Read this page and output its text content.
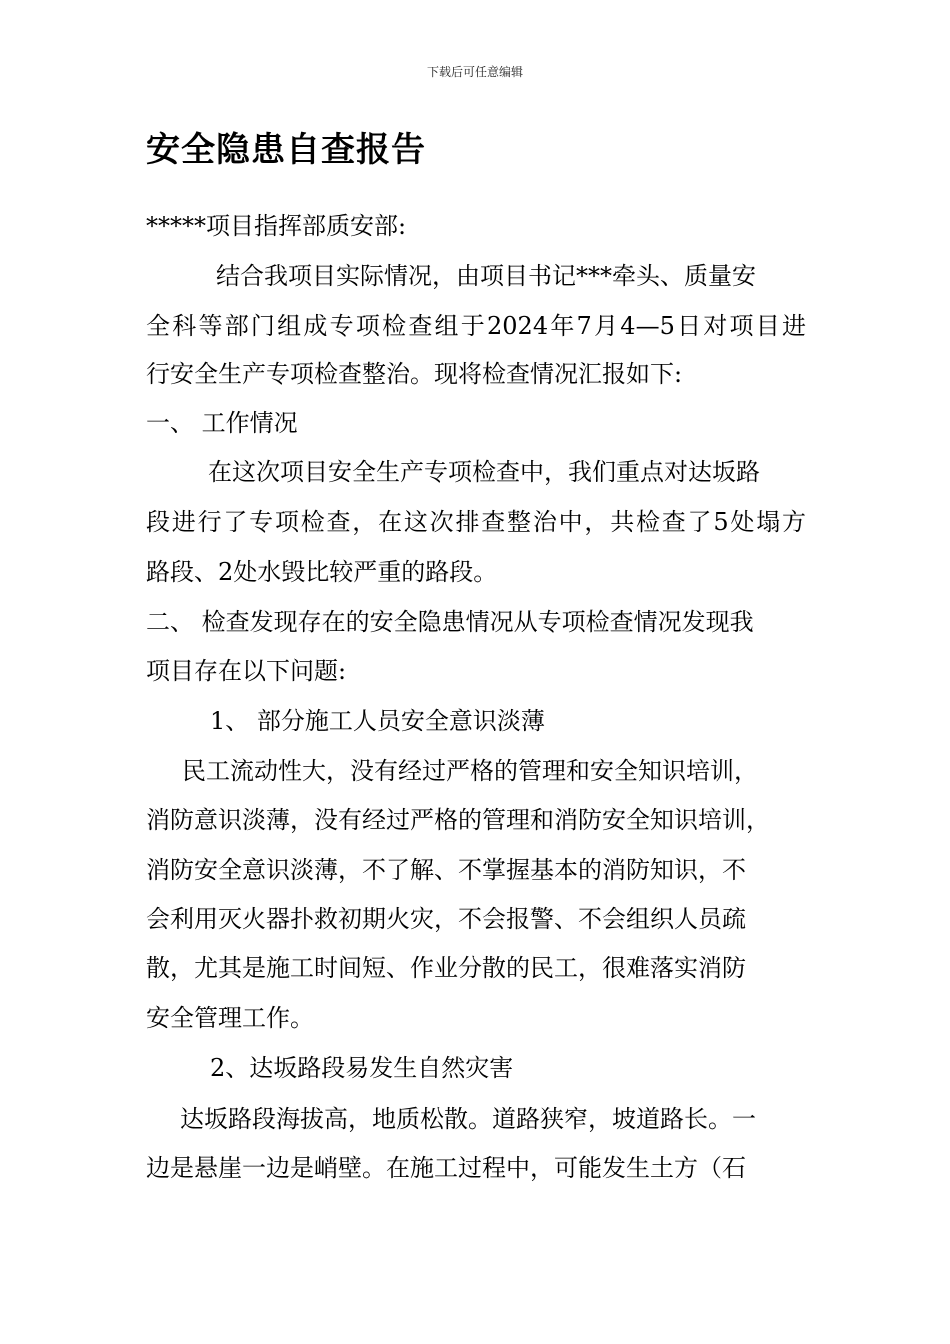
下载后可任意编辑
安全隐患自查报告
*****项目指挥部质安部:
结合我项目实际情况，由项目书记***牵头、质量安
全科等部门组成专项检查组于2024年7月4—5日对项目进
行安全生产专项检查整治。现将检查情况汇报如下:
一、 工作情况
在这次项目安全生产专项检查中，我们重点对达坂路
段进行了专项检查，在这次排查整治中，共检查了5处塌方
路段、2处水毁比较严重的路段。
二、 检查发现存在的安全隐患情况从专项检查情况发现我
项目存在以下问题:
1、 部分施工人员安全意识淡薄
民工流动性大，没有经过严格的管理和安全知识培训，
消防意识淡薄，没有经过严格的管理和消防安全知识培训，
消防安全意识淡薄，不了解、不掌握基本的消防知识，不
会利用灭火器扑救初期火灾，不会报警、不会组织人员疏
散，尤其是施工时间短、作业分散的民工，很难落实消防
安全管理工作。
2、达坂路段易发生自然灾害
达坂路段海拔高，地质松散。道路狭窄，坡道路长。一
边是悬崖一边是峭壁。在施工过程中，可能发生土方（石
